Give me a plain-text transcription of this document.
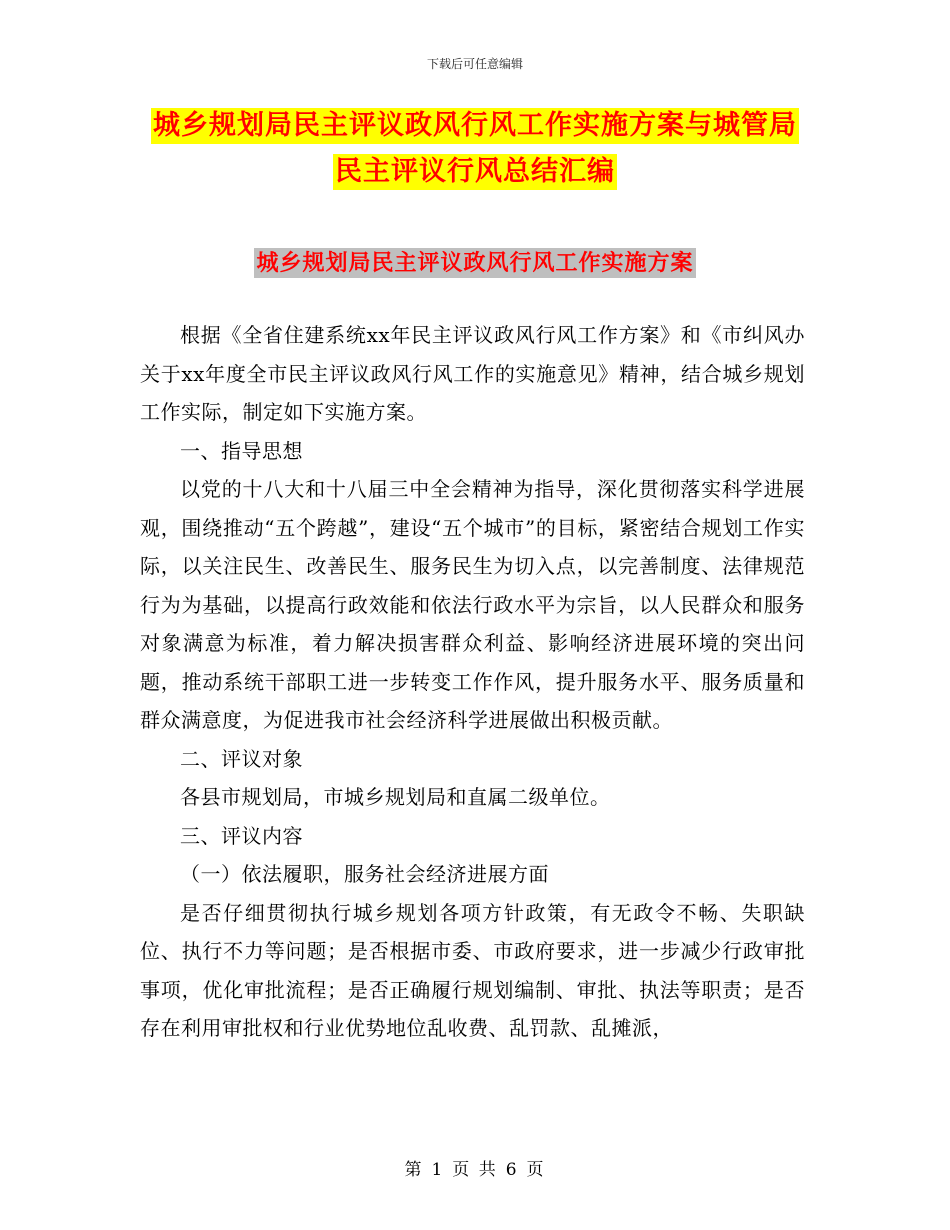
下载后可任意编辑
城乡规划局民主评议政风行风工作实施方案与城管局
民主评议行风总结汇编
城乡规划局民主评议政风行风工作实施方案

根据《全省住建系统xx年民主评议政风行风工作方案》和《市纠风办关于xx年度全市民主评议政风行风工作的实施意见》精神，结合城乡规划工作实际，制定如下实施方案。

一、指导思想

以党的十八大和十八届三中全会精神为指导，深化贯彻落实科学进展观，围绕推动“五个跨越”，建设“五个城市”的目标，紧密结合规划工作实际，以关注民生、改善民生、服务民生为切入点，以完善制度、法律规范行为为基础，以提高行政效能和依法行政水平为宗旨，以人民群众和服务对象满意为标准，着力解决损害群众利益、影响经济进展环境的突出问题，推动系统干部职工进一步转变工作作风，提升服务水平、服务质量和群众满意度，为促进我市社会经济科学进展做出积极贡献。

二、评议对象

各县市规划局，市城乡规划局和直属二级单位。

三、评议内容

（一）依法履职，服务社会经济进展方面

是否仔细贯彻执行城乡规划各项方针政策，有无政令不畅、失职缺位、执行不力等问题；是否根据市委、市政府要求，进一步减少行政审批事项，优化审批流程；是否正确履行规划编制、审批、执法等职责；是否存在利用审批权和行业优势地位乱收费、乱罚款、乱摊派，

第 1 页 共 6 页
